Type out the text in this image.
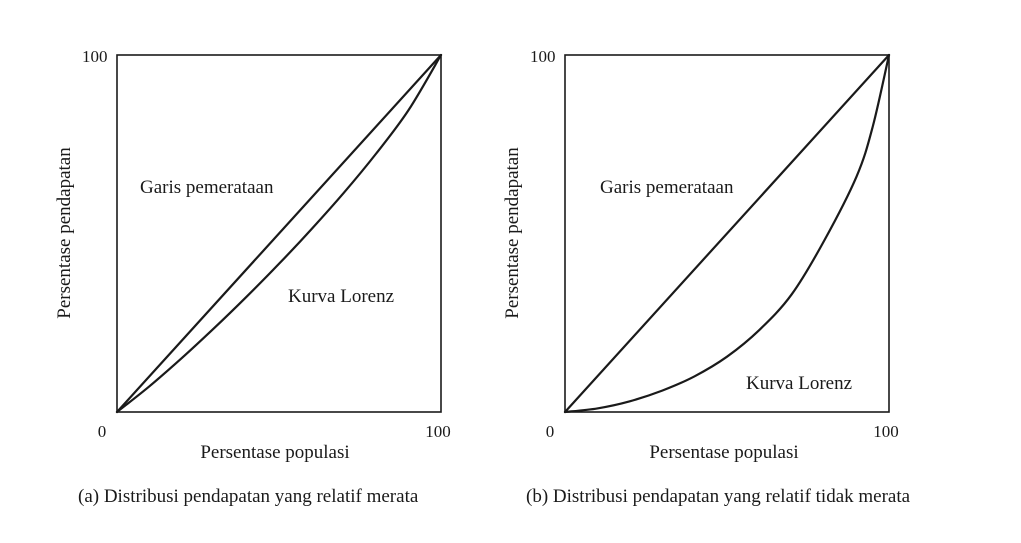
100
0	100
Persentase populasi
Persentase pendapatan
(a) Distribusi pendapatan yang relatif merata
Garis pemerataan
Kurva Lorenz
100
0	100
Persentase populasi
Persentase pendapatan
(b) Distribusi pendapatan yang relatif tidak merata
Garis pemerataan
Kurva Lorenz
